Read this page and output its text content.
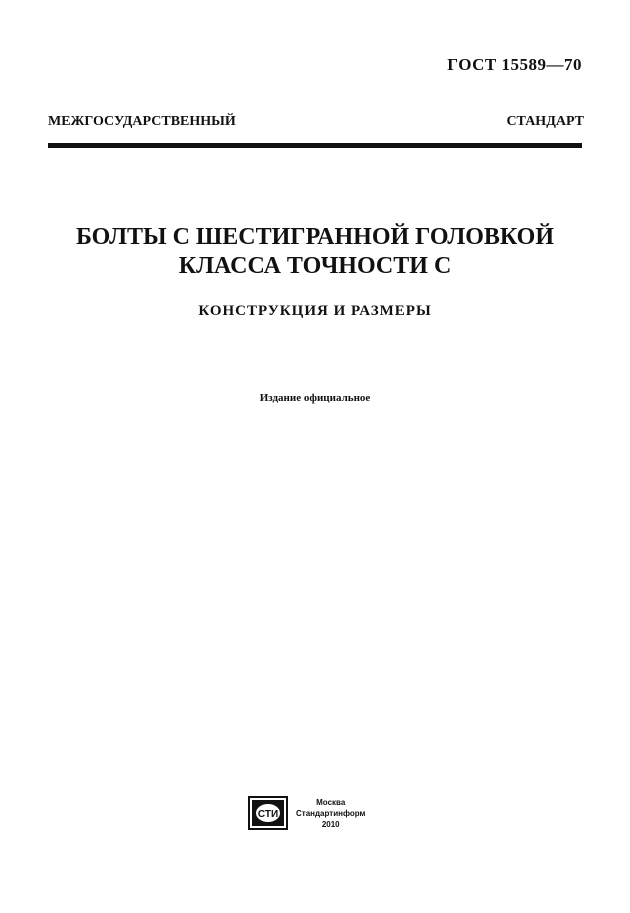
ГОСТ 15589—70
МЕЖГОСУДАРСТВЕННЫЙ СТАНДАРТ
БОЛТЫ С ШЕСТИГРАННОЙ ГОЛОВКОЙ
КЛАССА ТОЧНОСТИ С
КОНСТРУКЦИЯ И РАЗМЕРЫ
Издание официальное
СТИ
Москва
Стандартинформ
2010
